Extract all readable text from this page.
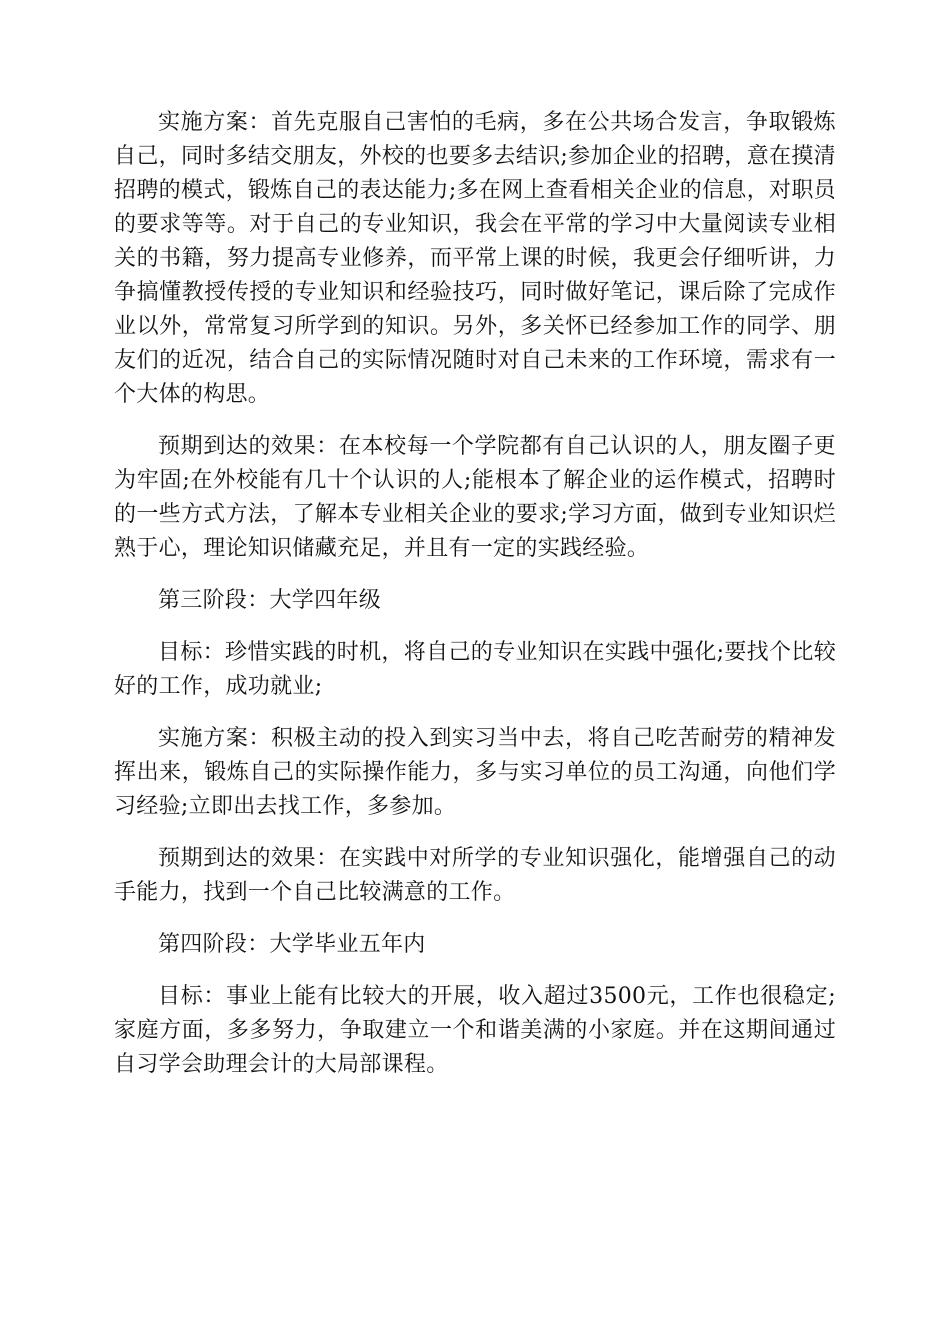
实施方案：首先克服自己害怕的毛病，多在公共场合发言，争取锻炼自己，同时多结交朋友，外校的也要多去结识;参加企业的招聘，意在摸清招聘的模式，锻炼自己的表达能力;多在网上查看相关企业的信息，对职员的要求等等。对于自己的专业知识，我会在平常的学习中大量阅读专业相关的书籍，努力提高专业修养，而平常上课的时候，我更会仔细听讲，力争搞懂教授传授的专业知识和经验技巧，同时做好笔记，课后除了完成作业以外，常常复习所学到的知识。另外，多关怀已经参加工作的同学、朋友们的近况，结合自己的实际情况随时对自己未来的工作环境，需求有一个大体的构思。

预期到达的效果：在本校每一个学院都有自己认识的人，朋友圈子更为牢固;在外校能有几十个认识的人;能根本了解企业的运作模式，招聘时的一些方式方法，了解本专业相关企业的要求;学习方面，做到专业知识烂熟于心，理论知识储藏充足，并且有一定的实践经验。

第三阶段：大学四年级

目标：珍惜实践的时机，将自己的专业知识在实践中强化;要找个比较好的工作，成功就业;

实施方案：积极主动的投入到实习当中去，将自己吃苦耐劳的精神发挥出来，锻炼自己的实际操作能力，多与实习单位的员工沟通，向他们学习经验;立即出去找工作，多参加。

预期到达的效果：在实践中对所学的专业知识强化，能增强自己的动手能力，找到一个自己比较满意的工作。

第四阶段：大学毕业五年内

目标：事业上能有比较大的开展，收入超过3500元，工作也很稳定;家庭方面，多多努力，争取建立一个和谐美满的小家庭。并在这期间通过自习学会助理会计的大局部课程。
